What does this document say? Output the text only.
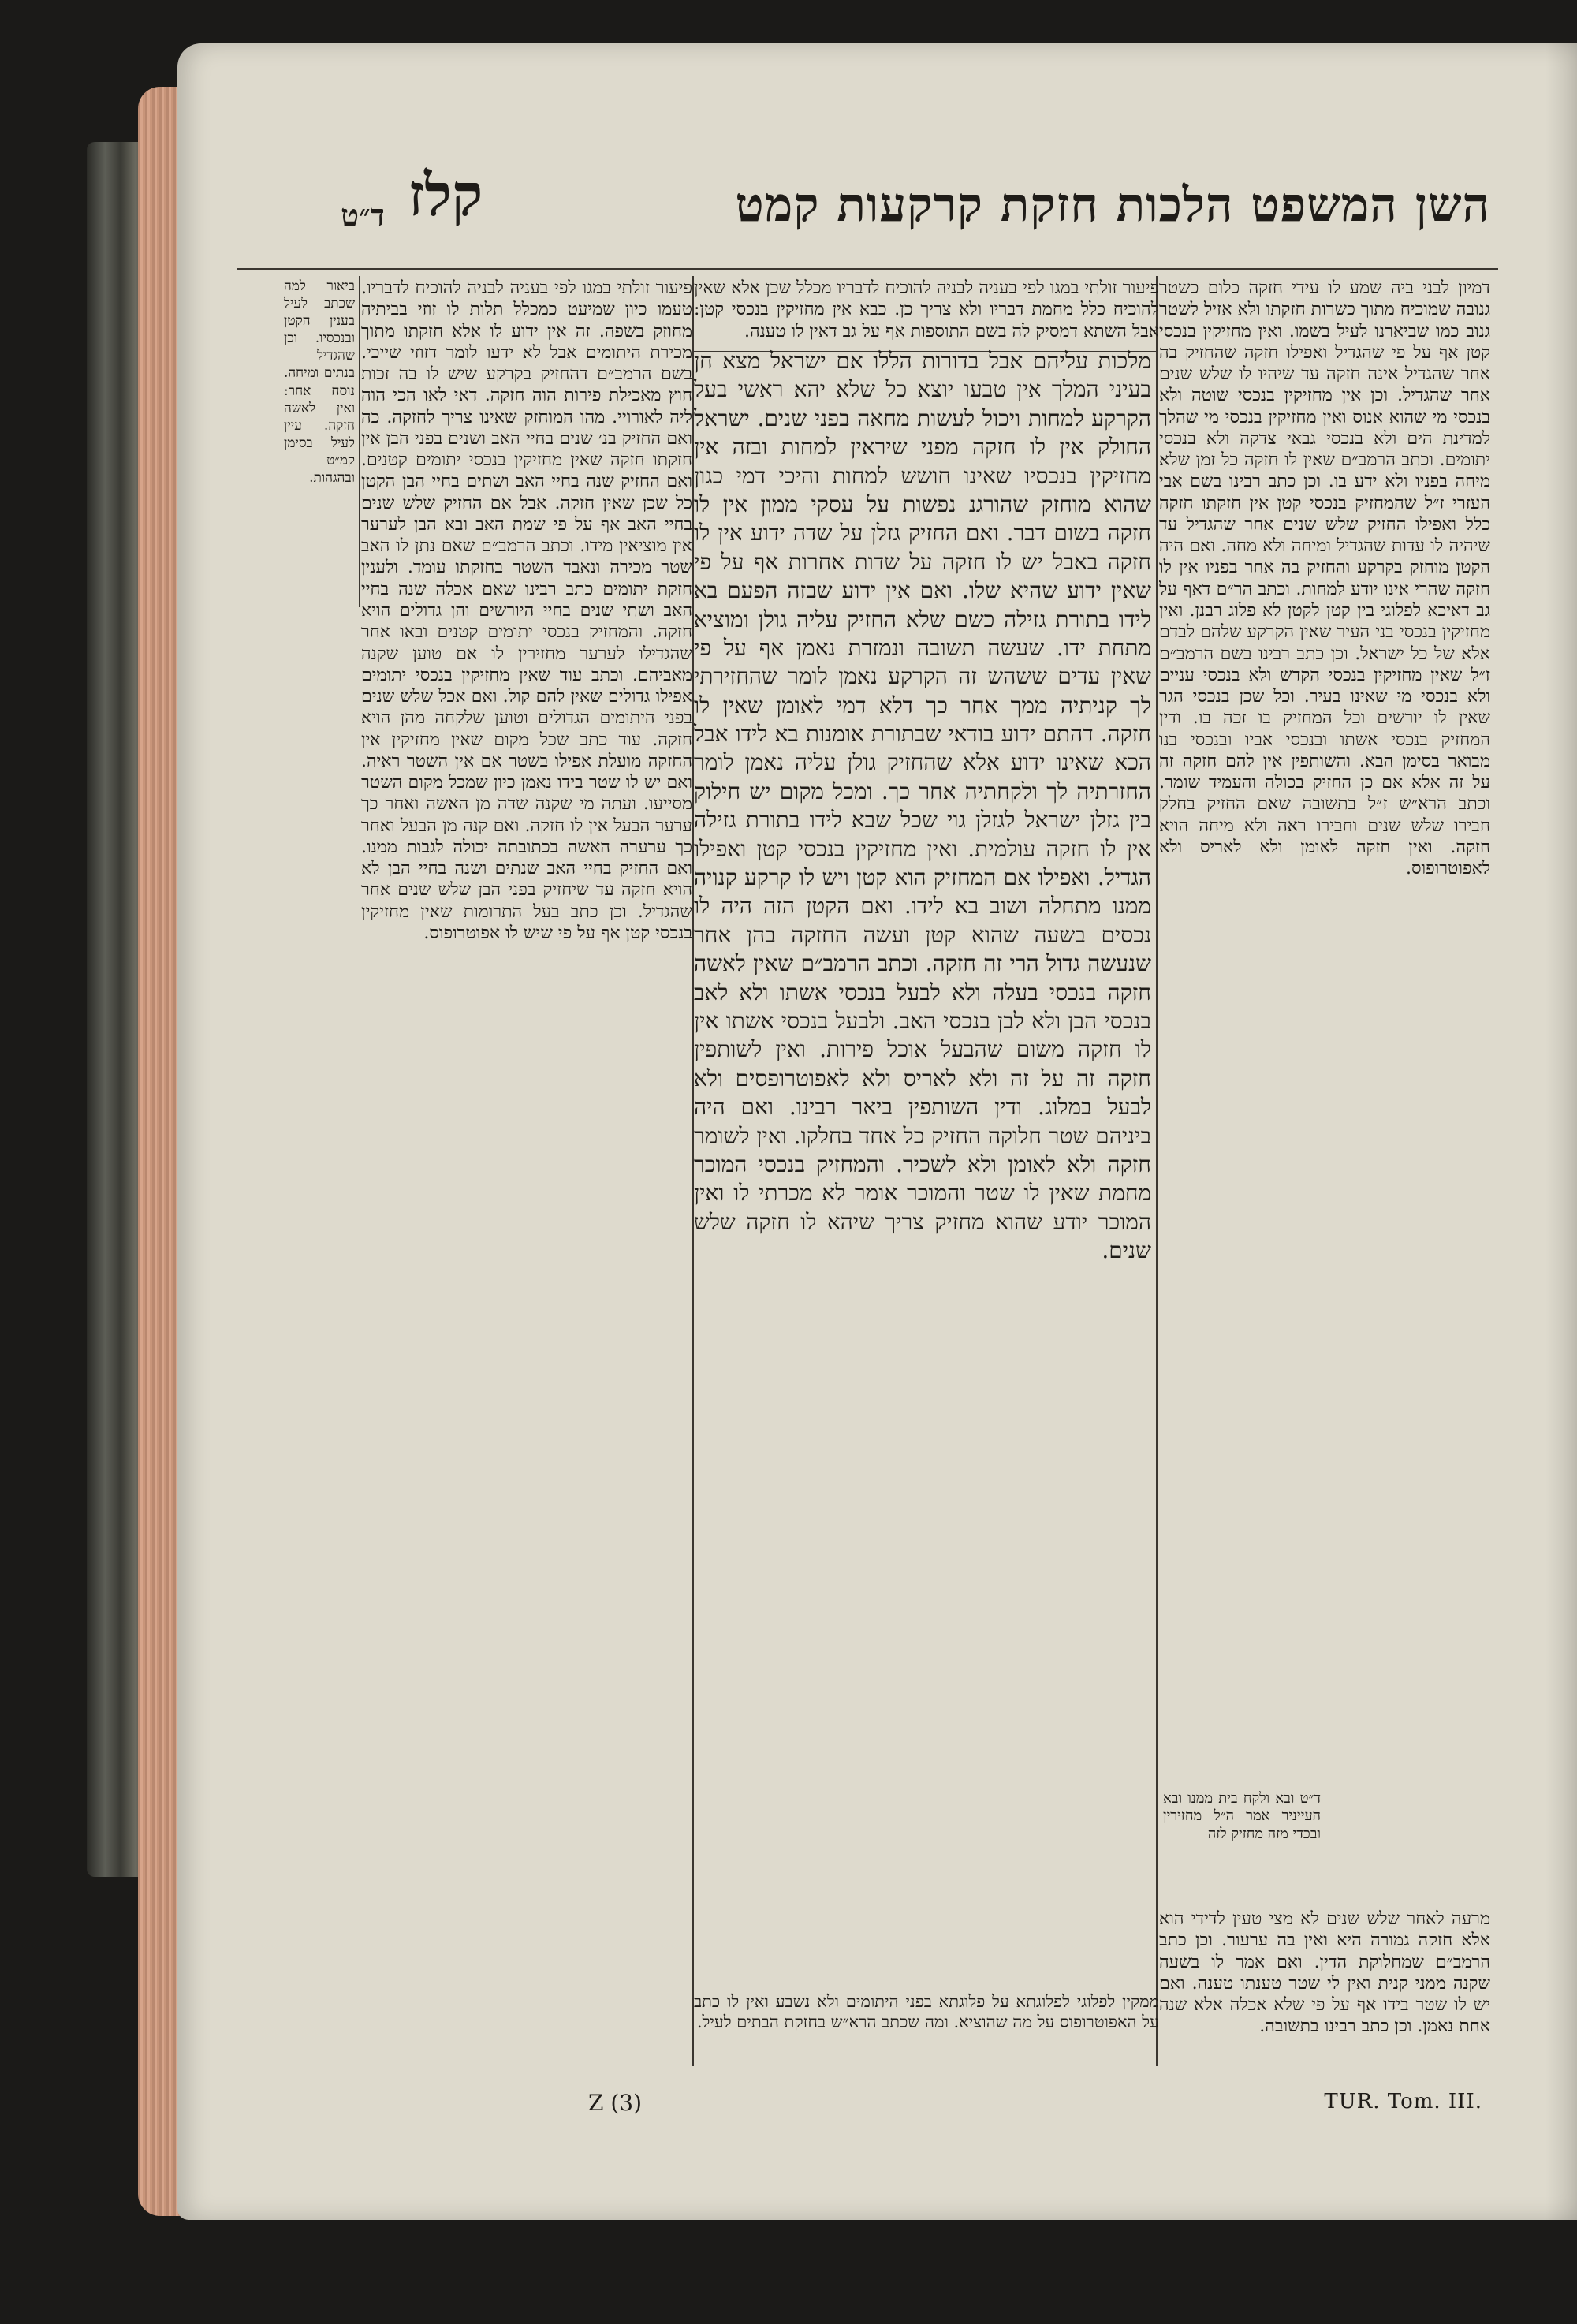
השן המשפט הלכות חזקת קרקעות קמט
קלז
ד״ט
דמיון לבני ביה שמע לו עידי חזקה כלום כשטר גנובה שמוכיח מתוך כשרות חזקתו ולא אזיל לשטר גנוב כמו שביארנו לעיל בשמו. ואין מחזיקין בנכסי קטן אף על פי שהגדיל ואפילו חזקה שהחזיק בה אחר שהגדיל אינה חזקה עד שיהיו לו שלש שנים אחר שהגדיל. וכן אין מחזיקין בנכסי שוטה ולא בנכסי מי שהוא אנוס ואין מחזיקין בנכסי מי שהלך למדינת הים ולא בנכסי גבאי צדקה ולא בנכסי יתומים. וכתב הרמב״ם שאין לו חזקה כל זמן שלא מיחה בפניו ולא ידע בו. וכן כתב רבינו בשם אבי העזרי ז״ל שהמחזיק בנכסי קטן אין חזקתו חזקה כלל ואפילו החזיק שלש שנים אחר שהגדיל עד שיהיה לו עדות שהגדיל ומיחה ולא מחה. ואם היה הקטן מוחזק בקרקע והחזיק בה אחר בפניו אין לו חזקה שהרי אינו יודע למחות. וכתב הר״ם דאף על גב דאיכא לפלוגי בין קטן לקטן לא פלוג רבנן. ואין מחזיקין בנכסי בני העיר שאין הקרקע שלהם לבדם אלא של כל ישראל. וכן כתב רבינו בשם הרמב״ם ז״ל שאין מחזיקין בנכסי הקדש ולא בנכסי עניים ולא בנכסי מי שאינו בעיר. וכל שכן בנכסי הגר שאין לו יורשים וכל המחזיק בו זכה בו. ודין המחזיק בנכסי אשתו ובנכסי אביו ובנכסי בנו מבואר בסימן הבא. והשותפין אין להם חזקה זה על זה אלא אם כן החזיק בכולה והעמיד שומר. וכתב הרא״ש ז״ל בתשובה שאם החזיק בחלק חבירו שלש שנים וחבירו ראה ולא מיחה הויא חזקה. ואין חזקה לאומן ולא לאריס ולא לאפוטרופוס.
פיעור זולתי במגו לפי בעניה לבניה להוכיח לדבריו מכלל שכן אלא שאין להוכיח כלל מחמת דבריו ולא צריך כן. כבא אין מחזיקין בנכסי קטן: אבל השתא דמסיק לה בשם התוספות אף על גב דאין לו טענה.
מלכות עליהם אבל בדורות הללו אם ישראל מצא חן בעיני המלך אין טבעו יוצא כל שלא יהא ראשי בעל הקרקע למחות ויכול לעשות מחאה בפני שנים. ישראל החולק אין לו חזקה מפני שיראין למחות ובזה אין מחזיקין בנכסיו שאינו חושש למחות והיכי דמי כגון שהוא מוחזק שהורגנ נפשות על עסקי ממון אין לו חזקה בשום דבר. ואם החזיק גזלן על שדה ידוע אין לו חזקה באבל יש לו חזקה על שדות אחרות אף על פי שאין ידוע שהיא שלו. ואם אין ידוע שבזה הפעם בא לידו בתורת גזילה כשם שלא החזיק עליה גולן ומוציא מתחת ידו. שעשה תשובה ונמזרת נאמן אף על פי שאין עדים ששהש זה הקרקע נאמן לומר שהחזירתי לך קניתיה ממך אחר כך דלא דמי לאומן שאין לו חזקה. דהתם ידוע בודאי שבתורת אומנות בא לידו אבל הכא שאינו ידוע אלא שהחזיק גולן עליה נאמן לומר החזרתיה לך ולקחתיה אחר כך. ומכל מקום יש חילוק בין גזלן ישראל לגזלן גוי שכל שבא לידו בתורת גזילה אין לו חזקה עולמית. ואין מחזיקין בנכסי קטן ואפילו הגדיל. ואפילו אם המחזיק הוא קטן ויש לו קרקע קנויה ממנו מתחלה ושוב בא לידו. ואם הקטן הזה היה לו נכסים בשעה שהוא קטן ועשה החזקה בהן אחר שנעשה גדול הרי זה חזקה. וכתב הרמב״ם שאין לאשה חזקה בנכסי בעלה ולא לבעל בנכסי אשתו ולא לאב בנכסי הבן ולא לבן בנכסי האב. ולבעל בנכסי אשתו אין לו חזקה משום שהבעל אוכל פירות. ואין לשותפין חזקה זה על זה ולא לאריס ולא לאפוטרופסים ולא לבעל במלוג. ודין השותפין ביאר רבינו. ואם היה ביניהם שטר חלוקה החזיק כל אחד בחלקו. ואין לשומר חזקה ולא לאומן ולא לשכיר. והמחזיק בנכסי המוכר מחמת שאין לו שטר והמוכר אומר לא מכרתי לו ואין המוכר יודע שהוא מחזיק צריך שיהא לו חזקה שלש שנים.
פיעור זולתי במגו לפי בעניה לבניה להוכיח לדבריו. טעמו כיון שמיעט כמכלל תלות לו זוזי בביתיה מחוזק בשפה. זה אין ידוע לו אלא חזקתו מתוך מכירת היתומים אבל לא ידעו לומר דזוזי שייכי. בשם הרמב״ם דהחזיק בקרקע שיש לו בה זכות חוץ מאכילת פירות הוה חזקה. דאי לאו הכי הוה ליה לאורויי. מהו המוחזק שאינו צריך לחזקה. כה ואם החזיק בנ׳ שנים בחיי האב ושנים בפני הבן אין חזקתו חזקה שאין מחזיקין בנכסי יתומים קטנים. ואם החזיק שנה בחיי האב ושתים בחיי הבן הקטן כל שכן שאין חזקה. אבל אם החזיק שלש שנים בחיי האב אף על פי שמת האב ובא הבן לערער אין מוציאין מידו. וכתב הרמב״ם שאם נתן לו האב שטר מכירה ונאבד השטר בחזקתו עומד. ולענין חזקת יתומים כתב רבינו שאם אכלה שנה בחיי האב ושתי שנים בחיי היורשים והן גדולים הויא חזקה. והמחזיק בנכסי יתומים קטנים ובאו אחר שהגדילו לערער מחזירין לו אם טוען שקנה מאביהם. וכתב עוד שאין מחזיקין בנכסי יתומים אפילו גדולים שאין להם קול. ואם אכל שלש שנים בפני היתומים הגדולים וטוען שלקחה מהן הויא חזקה. עוד כתב שכל מקום שאין מחזיקין אין החזקה מועלת אפילו בשטר אם אין השטר ראיה. ואם יש לו שטר בידו נאמן כיון שמכל מקום השטר מסייעו. ועתה מי שקנה שדה מן האשה ואחר כך ערער הבעל אין לו חזקה. ואם קנה מן הבעל ואחר כך ערערה האשה בכתובתה יכולה לגבות ממנו. ואם החזיק בחיי האב שנתים ושנה בחיי הבן לא הויא חזקה עד שיחזיק בפני הבן שלש שנים אחר שהגדיל. וכן כתב בעל התרומות שאין מחזיקין בנכסי קטן אף על פי שיש לו אפוטרופוס.
ביאור למה שכתב לעיל בענין הקטן ובנכסיו. וכן שהגדיל בנתים ומיחה. נוסח אחר: ואין לאשה חזקה. עיין לעיל בסימן קמ״ט ובהגהות.
ד״ט ובא ולקח בית ממנו ובא העייניר אמר ה״ל מחזירין ובכדי מזה מחזיק לזה
מרעה לאחר שלש שנים לא מצי טעין לדידי הוא אלא חזקה גמורה היא ואין בה ערעור. וכן כתב הרמב״ם שמחלוקת הדין. ואם אמר לו בשעה שקנה ממני קנית ואין לי שטר טענתו טענה. ואם יש לו שטר בידו אף על פי שלא אכלה אלא שנה אחת נאמן. וכן כתב רבינו בתשובה.
ממקין לפלוגי לפלוגתא על פלוגתא בפני היתומים ולא נשבע ואין לו כתב על האפוטרופוס על מה שהוציא. ומה שכתב הרא״ש בחזקת הבתים לעיל.
TUR. Tom. III.
Z (3)
